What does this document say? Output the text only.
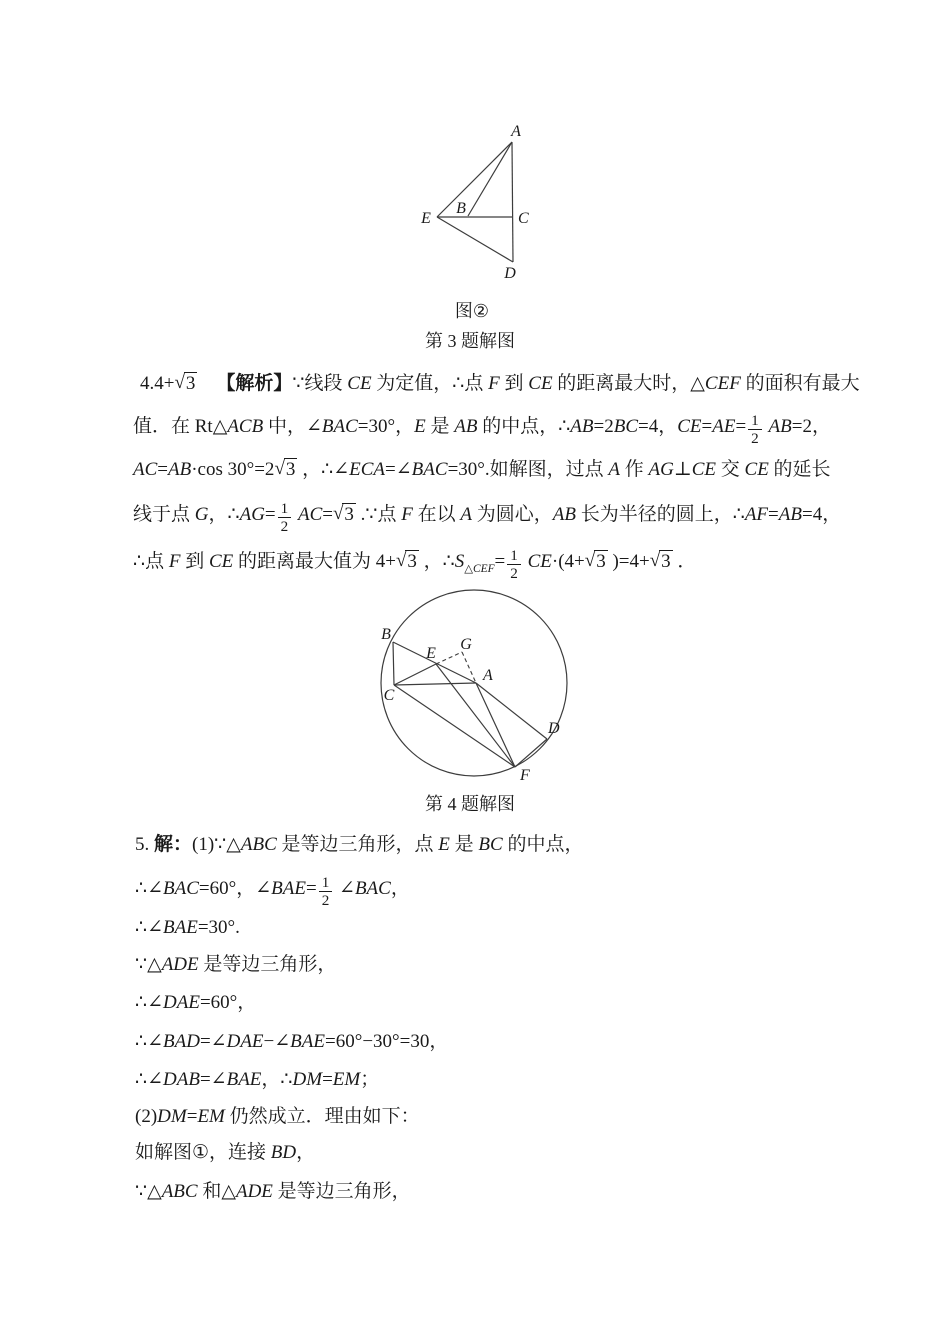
A
B
C
D
E
图②
第 3 题解图
B
C
E
G
A
D
F
第 4 题解图
4.4+√3 【解析】∵线段 CE 为定值，∴点 F 到 CE 的距离最大时，△CEF 的面积有最大
值．在 Rt△ACB 中，∠BAC=30°，E 是 AB 的中点，∴AB=2BC=4，$CE=AE= \frac{1}{2} AB=2$，
AC=AB·cos 30°=2√3 ，∴∠ECA=∠BAC=30°.如解图，过点 A 作 AG⊥CE 交 CE 的延长
线于点 G，∴AG= $\frac{1}{2} AC=√3$ .∵点 F 在以 A 为圆心，AB 长为半径的圆上，∴AF=AB=4，
∴点 F 到 CE 的距离最大值为 4+√3 ，$\therefore S_{\triangle CEF}= \frac{1}{2} CE\cdot(4+√3$ )=4+√3 ．
5. 解：(1)∵△ABC 是等边三角形，点 E 是 BC 的中点，
∴∠BAC=60°，∠BAE= $\frac{1}{2}$ ∠BAC，
∴∠BAE=30°.
∵△ADE 是等边三角形，
∴∠DAE=60°，
∴∠BAD=∠DAE−∠BAE=60°−30°=30，
∴∠DAB=∠BAE，∴DM=EM；
(2)DM=EM 仍然成立．理由如下：
如解图①，连接 BD，
∵△ABC 和△ADE 是等边三角形，
